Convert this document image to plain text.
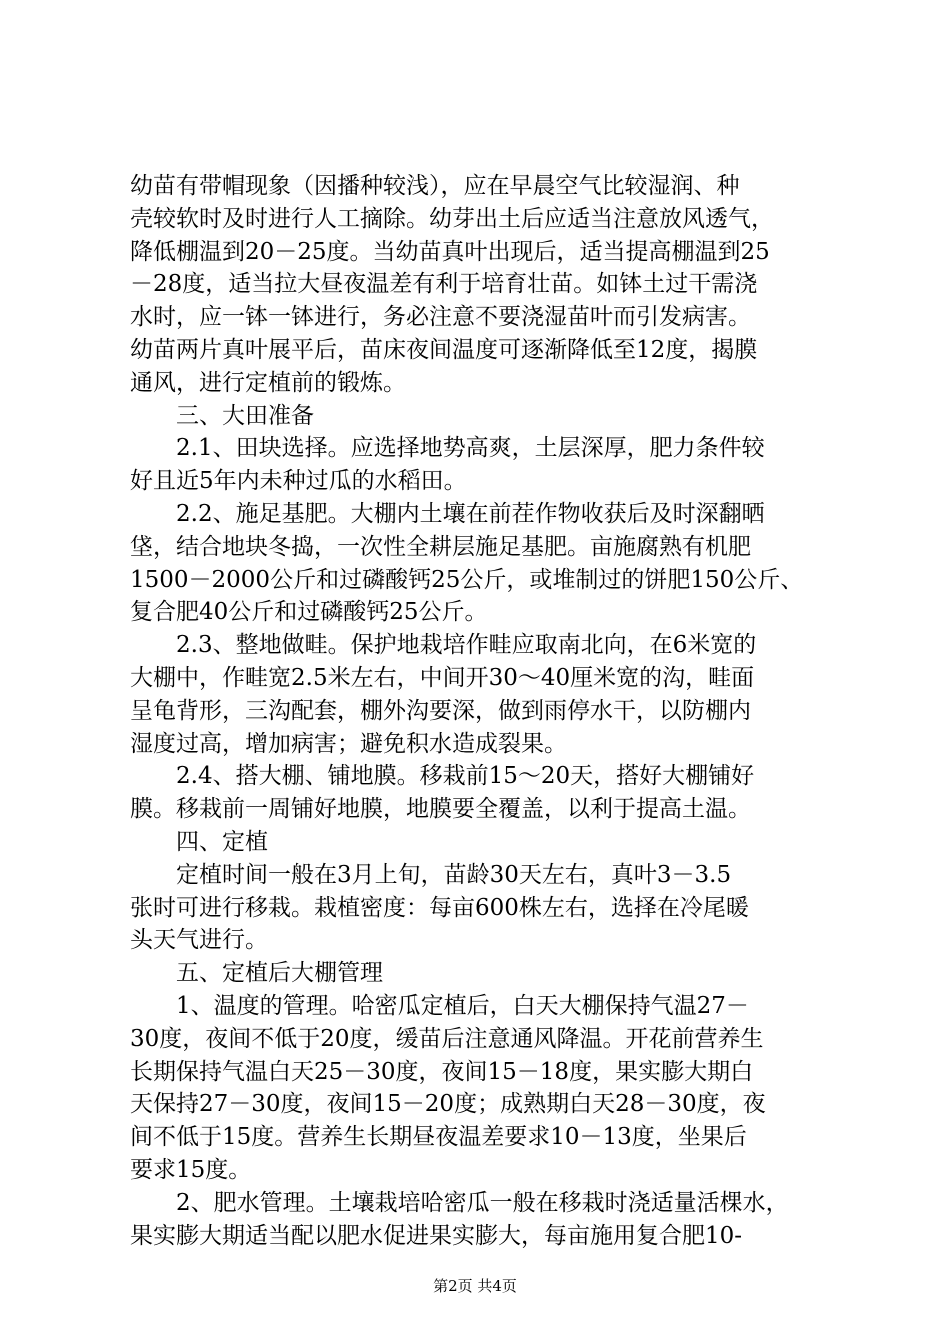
幼苗有带帽现象（因播种较浅），应在早晨空气比较湿润、种
壳较软时及时进行人工摘除。幼芽出土后应适当注意放风透气，
降低棚温到20－25度。当幼苗真叶出现后，适当提高棚温到25
－28度，适当拉大昼夜温差有利于培育壮苗。如钵土过干需浇
水时，应一钵一钵进行，务必注意不要浇湿苗叶而引发病害。
幼苗两片真叶展平后，苗床夜间温度可逐渐降低至12度，揭膜
通风，进行定植前的锻炼。
三、大田准备
2.1、田块选择。应选择地势高爽，土层深厚，肥力条件较
好且近5年内未种过瓜的水稻田。
2.2、施足基肥。大棚内土壤在前茬作物收获后及时深翻晒
垡，结合地块冬捣，一次性全耕层施足基肥。亩施腐熟有机肥
1500－2000公斤和过磷酸钙25公斤，或堆制过的饼肥150公斤、
复合肥40公斤和过磷酸钙25公斤。
2.3、整地做畦。保护地栽培作畦应取南北向，在6米宽的
大棚中，作畦宽2.5米左右，中间开30～40厘米宽的沟，畦面
呈龟背形，三沟配套，棚外沟要深，做到雨停水干，以防棚内
湿度过高，增加病害；避免积水造成裂果。
2.4、搭大棚、铺地膜。移栽前15～20天，搭好大棚铺好
膜。移栽前一周铺好地膜，地膜要全覆盖，以利于提高土温。
四、定植
定植时间一般在3月上旬，苗龄30天左右，真叶3－3.5
张时可进行移栽。栽植密度：每亩600株左右，选择在冷尾暖
头天气进行。
五、定植后大棚管理
1、温度的管理。哈密瓜定植后，白天大棚保持气温27－
30度，夜间不低于20度，缓苗后注意通风降温。开花前营养生
长期保持气温白天25－30度，夜间15－18度，果实膨大期白
天保持27－30度，夜间15－20度；成熟期白天28－30度，夜
间不低于15度。营养生长期昼夜温差要求10－13度，坐果后
要求15度。
2、肥水管理。土壤栽培哈密瓜一般在移栽时浇适量活棵水，
果实膨大期适当配以肥水促进果实膨大，每亩施用复合肥10-
第2页 共4页
